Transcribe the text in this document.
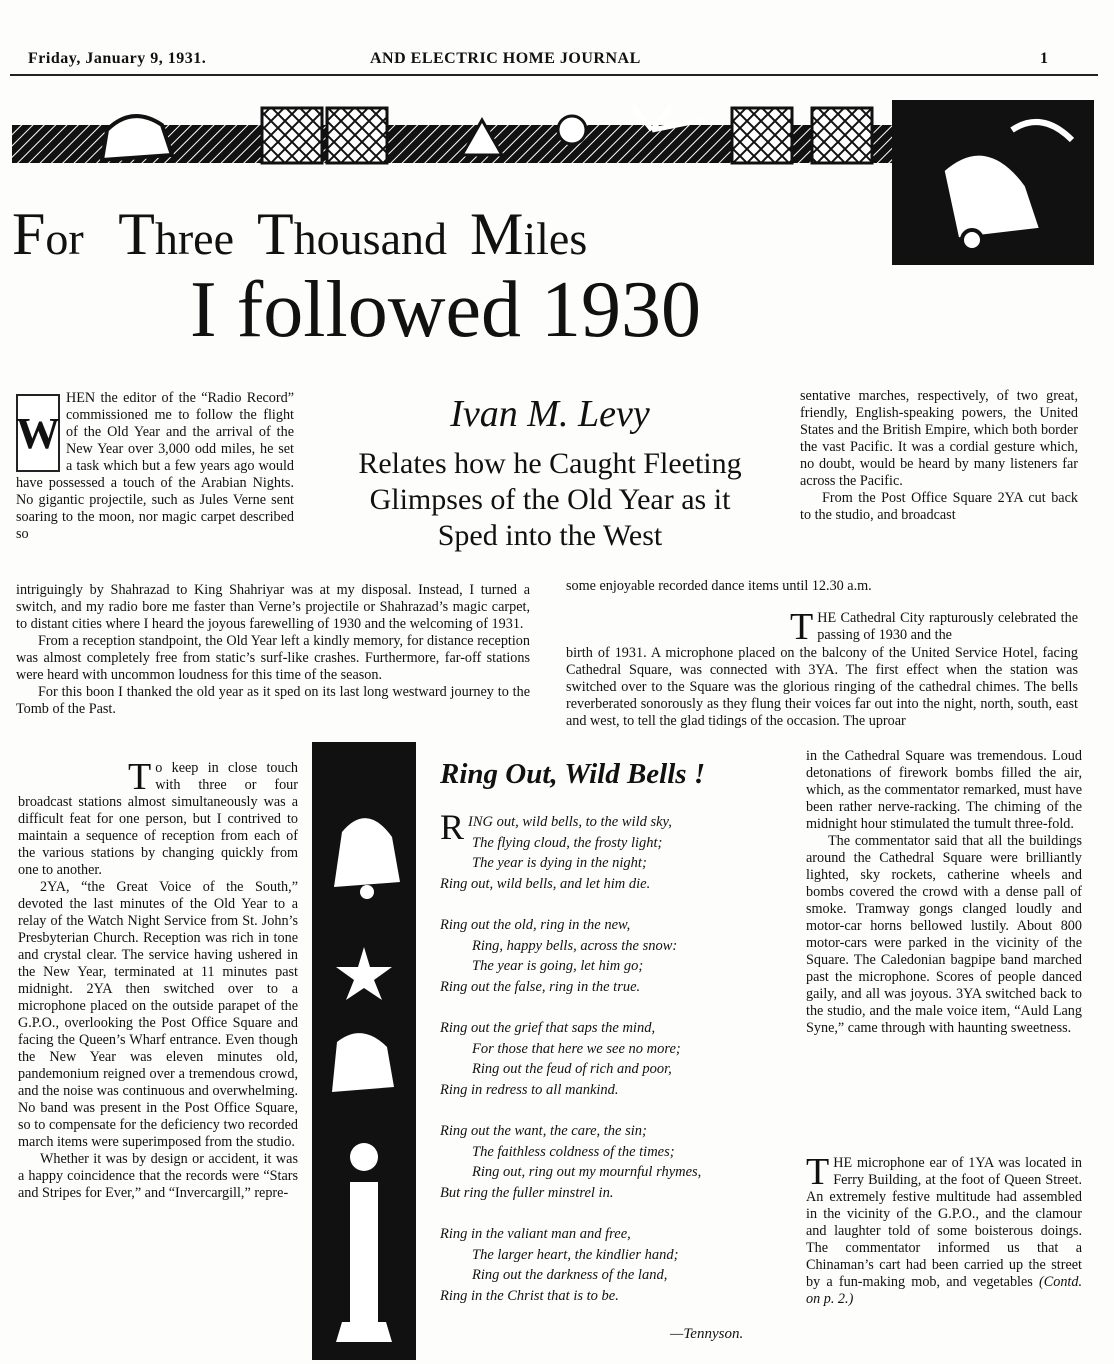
Friday, January 9, 1931.	AND ELECTRIC HOME JOURNAL	1
For Three Thousand Miles
I followed 1930
Ivan M. Levy
Relates how he Caught Fleeting
Glimpses of the Old Year as it
Sped into the West
W

HEN the editor of the “Radio Record” commissioned me to follow the flight of the Old Year and the arrival of the New Year over 3,000 odd miles, he set a task which but a few years ago would have possessed a touch of the Arabian Nights. No gigantic projectile, such as Jules Verne sent soaring to the moon, nor magic carpet described so

intriguingly by Shahrazad to King Shahriyar was at my disposal. Instead, I turned a switch, and my radio bore me faster than Verne’s projectile or Shahrazad’s magic carpet, to distant cities where I heard the joyous farewelling of 1930 and the welcoming of 1931.

From a reception standpoint, the Old Year left a kindly memory, for distance reception was almost completely free from static’s surf-like crashes. Furthermore, far-off stations were heard with uncommon loudness for this time of the season.

For this boon I thanked the old year as it sped on its last long westward journey to the Tomb of the Past.

sentative marches, respectively, of two great, friendly, English-speaking powers, the United States and the British Empire, which both border the vast Pacific. It was a cordial gesture which, no doubt, would be heard by many listeners far across the Pacific.

From the Post Office Square 2YA cut back to the studio, and broadcast

some enjoyable recorded dance items until 12.30 a.m.

T HE Cathedral City rapturously celebrated the passing of 1930 and the

birth of 1931. A microphone placed on the balcony of the United Service Hotel, facing Cathedral Square, was connected with 3YA. The first effect when the station was switched over to the Square was the glorious ringing of the cathedral chimes. The bells reverberated sonorously as they flung their voices far out into the night, north, south, east and west, to tell the glad tidings of the occasion. The uproar

in the Cathedral Square was tremendous. Loud detonations of firework bombs filled the air, which, as the commentator remarked, must have been rather nerve-racking. The chiming of the midnight hour stimulated the tumult three-fold.

The commentator said that all the buildings around the Cathedral Square were brilliantly lighted, sky rockets, catherine wheels and bombs covered the crowd with a dense pall of smoke. Tramway gongs clanged loudly and motor-car horns bellowed lustily. About 800 motor-cars were parked in the vicinity of the Square. The Caledonian bagpipe band marched past the microphone. Scores of people danced gaily, and all was joyous. 3YA switched back to the studio, and the male voice item, “Auld Lang Syne,” came through with haunting sweetness.

T HE microphone ear of 1YA was located in Ferry Building, at the foot of Queen Street. An extremely festive multitude had assembled in the vicinity of the G.P.O., and the clamour and laughter told of some boisterous doings. The commentator informed us that a Chinaman’s cart had been carried up the street by a fun-making mob, and vegetables (Contd. on p. 2.)

T o keep in close touch with three or four broadcast stations almost simultaneously was a difficult feat for one person, but I contrived to maintain a sequence of reception from each of the various stations by changing quickly from one to another.

2YA, “the Great Voice of the South,” devoted the last minutes of the Old Year to a relay of the Watch Night Service from St. John’s Presbyterian Church. Reception was rich in tone and crystal clear. The service having ushered in the New Year, terminated at 11 minutes past midnight. 2YA then switched over to a microphone placed on the outside parapet of the G.P.O., overlooking the Post Office Square and facing the Queen’s Wharf entrance. Even though the New Year was eleven minutes old, pandemonium reigned over a tremendous crowd, and the noise was continuous and overwhelming. No band was present in the Post Office Square, so to compensate for the deficiency two recorded march items were superimposed from the studio.

Whether it was by design or accident, it was a happy coincidence that the records were “Stars and Stripes for Ever,” and “Invercargill,” repre-

Ring Out, Wild Bells !
RING out, wild bells, to the wild sky,
The flying cloud, the frosty light;
The year is dying in the night;
Ring out, wild bells, and let him die.
Ring out the old, ring in the new,
Ring, happy bells, across the snow:
The year is going, let him go;
Ring out the false, ring in the true.
Ring out the grief that saps the mind,
For those that here we see no more;
Ring out the feud of rich and poor,
Ring in redress to all mankind.
Ring out the want, the care, the sin;
The faithless coldness of the times;
Ring out, ring out my mournful rhymes,
But ring the fuller minstrel in.
Ring in the valiant man and free,
The larger heart, the kindlier hand;
Ring out the darkness of the land,
Ring in the Christ that is to be.
—Tennyson.
